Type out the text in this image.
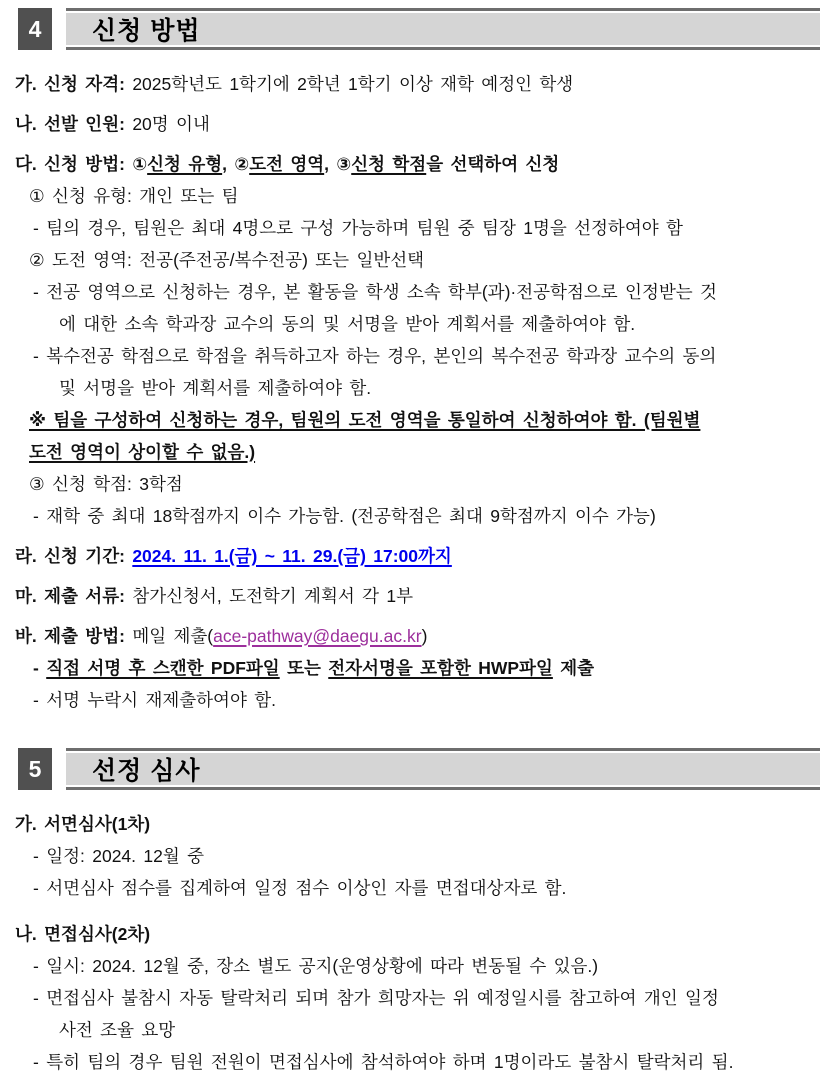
4	신청 방법
가. 신청 자격: 2025학년도 1학기에 2학년 1학기 이상 재학 예정인 학생
나. 선발 인원: 20명 이내
다. 신청 방법: ①신청 유형, ②도전 영역, ③신청 학점을 선택하여 신청
① 신청 유형: 개인 또는 팀
- 팀의 경우, 팀원은 최대 4명으로 구성 가능하며 팀원 중 팀장 1명을 선정하여야 함
② 도전 영역: 전공(주전공/복수전공) 또는 일반선택
- 전공 영역으로 신청하는 경우, 본 활동을 학생 소속 학부(과)·전공학점으로 인정받는 것
에 대한 소속 학과장 교수의 동의 및 서명을 받아 계획서를 제출하여야 함.
- 복수전공 학점으로 학점을 취득하고자 하는 경우, 본인의 복수전공 학과장 교수의 동의
및 서명을 받아 계획서를 제출하여야 함.
※ 팀을 구성하여 신청하는 경우, 팀원의 도전 영역을 통일하여 신청하여야 함. (팀원별
도전 영역이 상이할 수 없음.)
③ 신청 학점: 3학점
- 재학 중 최대 18학점까지 이수 가능함. (전공학점은 최대 9학점까지 이수 가능)
라. 신청 기간: 2024. 11. 1.(금) ~ 11. 29.(금) 17:00까지
마. 제출 서류: 참가신청서, 도전학기 계획서 각 1부
바. 제출 방법: 메일 제출(ace-pathway@daegu.ac.kr)
- 직접 서명 후 스캔한 PDF파일 또는 전자서명을 포함한 HWP파일 제출
- 서명 누락시 재제출하여야 함.
5	선정 심사
가. 서면심사(1차)
- 일정: 2024. 12월 중
- 서면심사 점수를 집계하여 일정 점수 이상인 자를 면접대상자로 함.
나. 면접심사(2차)
- 일시: 2024. 12월 중, 장소 별도 공지(운영상황에 따라 변동될 수 있음.)
- 면접심사 불참시 자동 탈락처리 되며 참가 희망자는 위 예정일시를 참고하여 개인 일정
사전 조율 요망
- 특히 팀의 경우 팀원 전원이 면접심사에 참석하여야 하며 1명이라도 불참시 탈락처리 됨.
